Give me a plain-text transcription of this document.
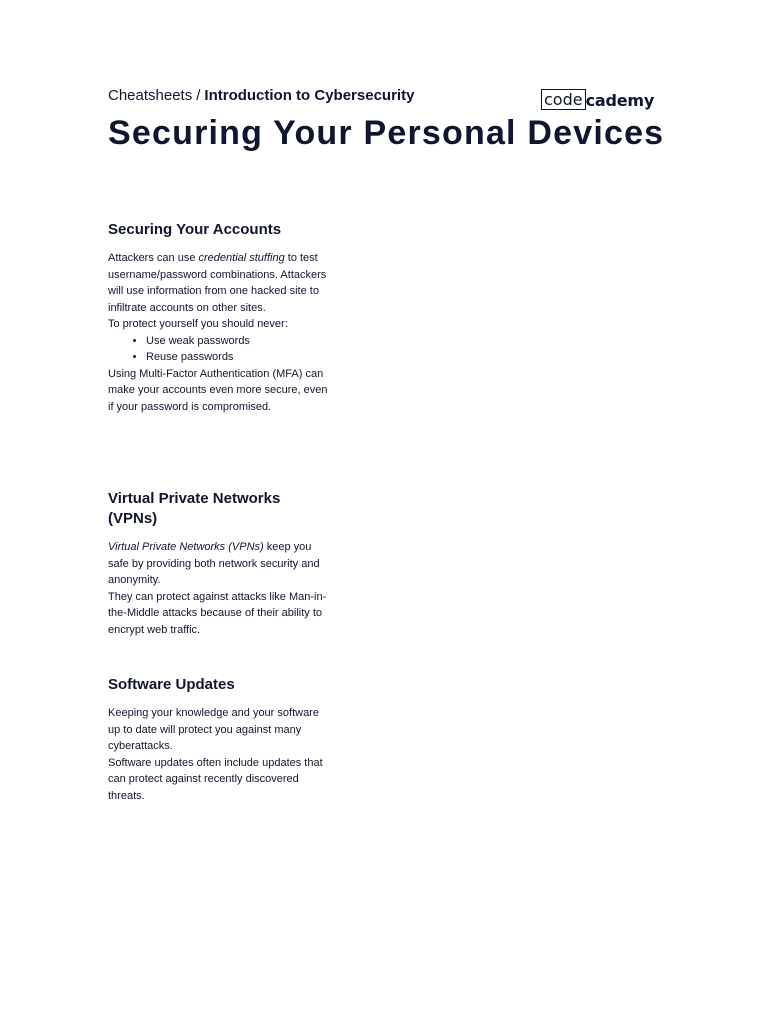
Cheatsheets / Introduction to Cybersecurity	code cademy
Securing Your Personal Devices
Securing Your Accounts

Attackers can use credential stuffing to test username/password combinations. Attackers will use information from one hacked site to infiltrate accounts on other sites.

To protect yourself you should never:

• Use weak passwords
• Reuse passwords

Using Multi-Factor Authentication (MFA) can make your accounts even more secure, even if your password is compromised.

Virtual Private Networks (VPNs)

Virtual Private Networks (VPNs) keep you safe by providing both network security and anonymity.

They can protect against attacks like Man-in-the-Middle attacks because of their ability to encrypt web traffic.

Software Updates

Keeping your knowledge and your software up to date will protect you against many cyberattacks.

Software updates often include updates that can protect against recently discovered threats.
